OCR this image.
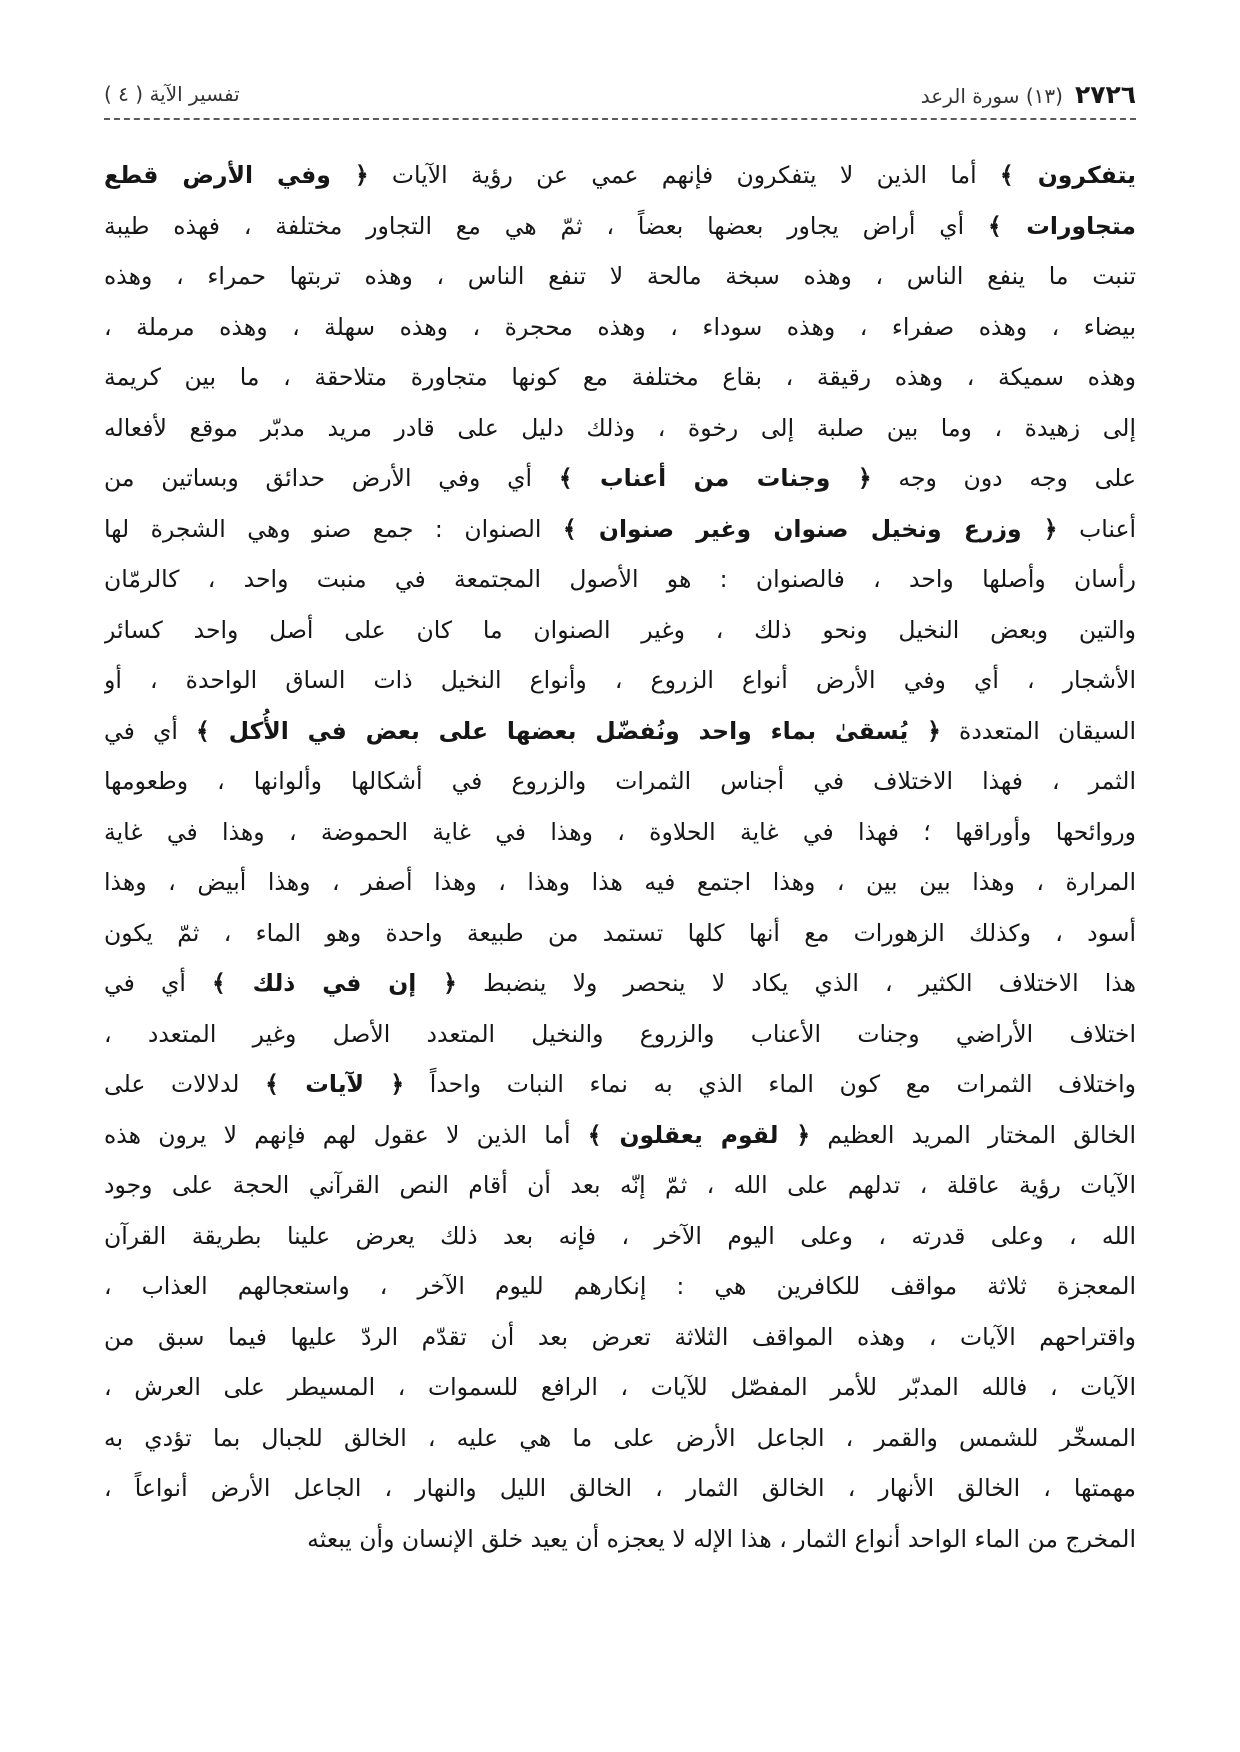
٢٧٢٦
(١٣) سورة الرعد
تفسير الآية ( ٤ )
يتفكرون ﴾ أما الذين لا يتفكرون فإنهم عمي عن رؤية الآيات ﴿ وفي الأرض قطع
متجاورات ﴾ أي أراض يجاور بعضها بعضاً ، ثمّ هي مع التجاور مختلفة ، فهذه طيبة
تنبت ما ينفع الناس ، وهذه سبخة مالحة لا تنفع الناس ، وهذه تربتها حمراء ، وهذه
بيضاء ، وهذه صفراء ، وهذه سوداء ، وهذه محجرة ، وهذه سهلة ، وهذه مرملة ،
وهذه سميكة ، وهذه رقيقة ، بقاع مختلفة مع كونها متجاورة متلاحقة ، ما بين كريمة
إلى زهيدة ، وما بين صلبة إلى رخوة ، وذلك دليل على قادر مريد مدبّر موقع لأفعاله
على وجه دون وجه ﴿ وجنات من أعناب ﴾ أي وفي الأرض حدائق وبساتين من
أعناب ﴿ وزرع ونخيل صنوان وغير صنوان ﴾ الصنوان : جمع صنو وهي الشجرة لها
رأسان وأصلها واحد ، فالصنوان : هو الأصول المجتمعة في منبت واحد ، كالرمّان
والتين وبعض النخيل ونحو ذلك ، وغير الصنوان ما كان على أصل واحد كسائر
الأشجار ، أي وفي الأرض أنواع الزروع ، وأنواع النخيل ذات الساق الواحدة ، أو
السيقان المتعددة ﴿ يُسقىٰ بماء واحد ونُفضّل بعضها على بعض في الأُكل ﴾ أي في
الثمر ، فهذا الاختلاف في أجناس الثمرات والزروع في أشكالها وألوانها ، وطعومها
وروائحها وأوراقها ؛ فهذا في غاية الحلاوة ، وهذا في غاية الحموضة ، وهذا في غاية
المرارة ، وهذا بين بين ، وهذا اجتمع فيه هذا وهذا ، وهذا أصفر ، وهذا أبيض ، وهذا
أسود ، وكذلك الزهورات مع أنها كلها تستمد من طبيعة واحدة وهو الماء ، ثمّ يكون
هذا الاختلاف الكثير ، الذي يكاد لا ينحصر ولا ينضبط ﴿ إن في ذلك ﴾ أي في
اختلاف الأراضي وجنات الأعناب والزروع والنخيل المتعدد الأصل وغير المتعدد ،
واختلاف الثمرات مع كون الماء الذي به نماء النبات واحداً ﴿ لآيات ﴾ لدلالات على
الخالق المختار المريد العظيم ﴿ لقوم يعقلون ﴾ أما الذين لا عقول لهم فإنهم لا يرون هذه
الآيات رؤية عاقلة ، تدلهم على الله ، ثمّ إنّه بعد أن أقام النص القرآني الحجة على وجود
الله ، وعلى قدرته ، وعلى اليوم الآخر ، فإنه بعد ذلك يعرض علينا بطريقة القرآن
المعجزة ثلاثة مواقف للكافرين هي : إنكارهم لليوم الآخر ، واستعجالهم العذاب ،
واقتراحهم الآيات ، وهذه المواقف الثلاثة تعرض بعد أن تقدّم الردّ عليها فيما سبق من
الآيات ، فالله المدبّر للأمر المفصّل للآيات ، الرافع للسموات ، المسيطر على العرش ،
المسخّر للشمس والقمر ، الجاعل الأرض على ما هي عليه ، الخالق للجبال بما تؤدي به
مهمتها ، الخالق الأنهار ، الخالق الثمار ، الخالق الليل والنهار ، الجاعل الأرض أنواعاً ،
المخرج من الماء الواحد أنواع الثمار ، هذا الإله لا يعجزه أن يعيد خلق الإنسان وأن يبعثه
